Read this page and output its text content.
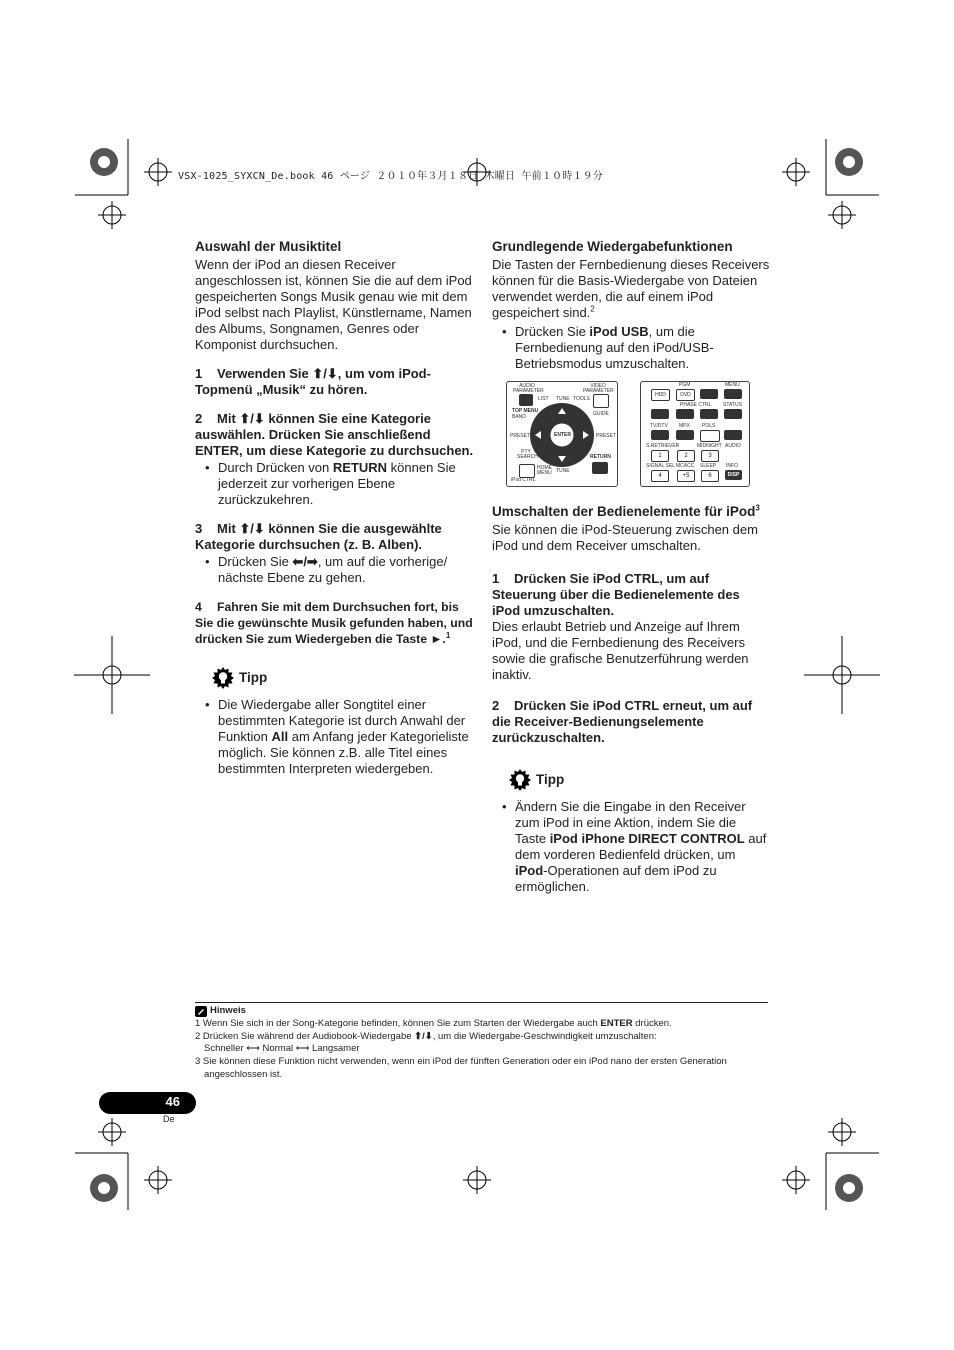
VSX-1025_SYXCN_De.book 46 ページ ２０１０年３月１８日 木曜日 午前１０時１９分
Auswahl der Musiktitel

Wenn der iPod an diesen Receiver angeschlossen ist, können Sie die auf dem iPod gespeicherten Songs Musik genau wie mit dem iPod selbst nach Playlist, Künstlername, Namen des Albums, Songnamen, Genres oder Komponist durchsuchen.

1 Verwenden Sie ⬆/⬇, um vom iPod-Topmenü „Musik“ zu hören.

2 Mit ⬆/⬇ können Sie eine Kategorie auswählen. Drücken Sie anschließend ENTER, um diese Kategorie zu durchsuchen.

• Durch Drücken von RETURN können Sie jederzeit zur vorherigen Ebene zurückzukehren.

3 Mit ⬆/⬇ können Sie die ausgewählte Kategorie durchsuchen (z. B. Alben).

• Drücken Sie ⬅/➡, um auf die vorherige/ nächste Ebene zu gehen.

4 Fahren Sie mit dem Durchsuchen fort, bis Sie die gewünschte Musik gefunden haben, und drücken Sie zum Wiedergeben die Taste ►.$^1$

Tipp

• Die Wiedergabe aller Songtitel einer bestimmten Kategorie ist durch Anwahl der Funktion All am Anfang jeder Kategorieliste möglich. Sie können z.B. alle Titel eines bestimmten Interpreten wiedergeben.

Grundlegende Wiedergabefunktionen

Die Tasten der Fernbedienung dieses Receivers können für die Basis-Wiedergabe von Dateien verwendet werden, die auf einem iPod gespeichert sind.$^2$

• Drücken Sie iPod USB, um die Fernbedienung auf den iPod/USB-Betriebsmodus umzuschalten.

Umschalten der Bedienelemente für iPod$^3$

Sie können die iPod-Steuerung zwischen dem iPod und dem Receiver umschalten.

1 Drücken Sie iPod CTRL, um auf Steuerung über die Bedienelemente des iPod umzuschalten.

Dies erlaubt Betrieb und Anzeige auf Ihrem iPod, und die Fernbedienung des Receivers sowie die grafische Benutzerführung werden inaktiv.

2 Drücken Sie iPod CTRL erneut, um auf die Receiver-Bedienungselemente zurückzuschalten.

Tipp

• Ändern Sie die Eingabe in den Receiver zum iPod in eine Aktion, indem Sie die Taste iPod iPhone DIRECT CONTROL auf dem vorderen Bedienfeld drücken, um iPod-Operationen auf dem iPod zu ermöglichen.

AUDIO PARAMETER
VIDEO PARAMETER
LIST TUNE TOOLS
TOP MENU
BAND	GUIDE
PRESET	PRESET
ENTER
PTY SEARCH
HOME MENU TUNE
RETURN
iPod CTRL
PGM	MENU
HDD	DVD
PHASE CTRL STATUS
TV/DTV MPX POLS
S.RETRIEVER	MIDNIGHT AUDIO
1	2	3
SIGNAL SEL MCACC SLEEP INFO
4	+5	6	DISP
Hinweis
1 Wenn Sie sich in der Song-Kategorie befinden, können Sie zum Starten der Wiedergabe auch ENTER drücken.
2 Drücken Sie während der Audiobook-Wiedergabe ⬆/⬇, um die Wiedergabe-Geschwindigkeit umzuschalten:
Schneller ⟷ Normal ⟷ Langsamer
3 Sie können diese Funktion nicht verwenden, wenn ein iPod der fünften Generation oder ein iPod nano der ersten Generation angeschlossen ist.
46
De
